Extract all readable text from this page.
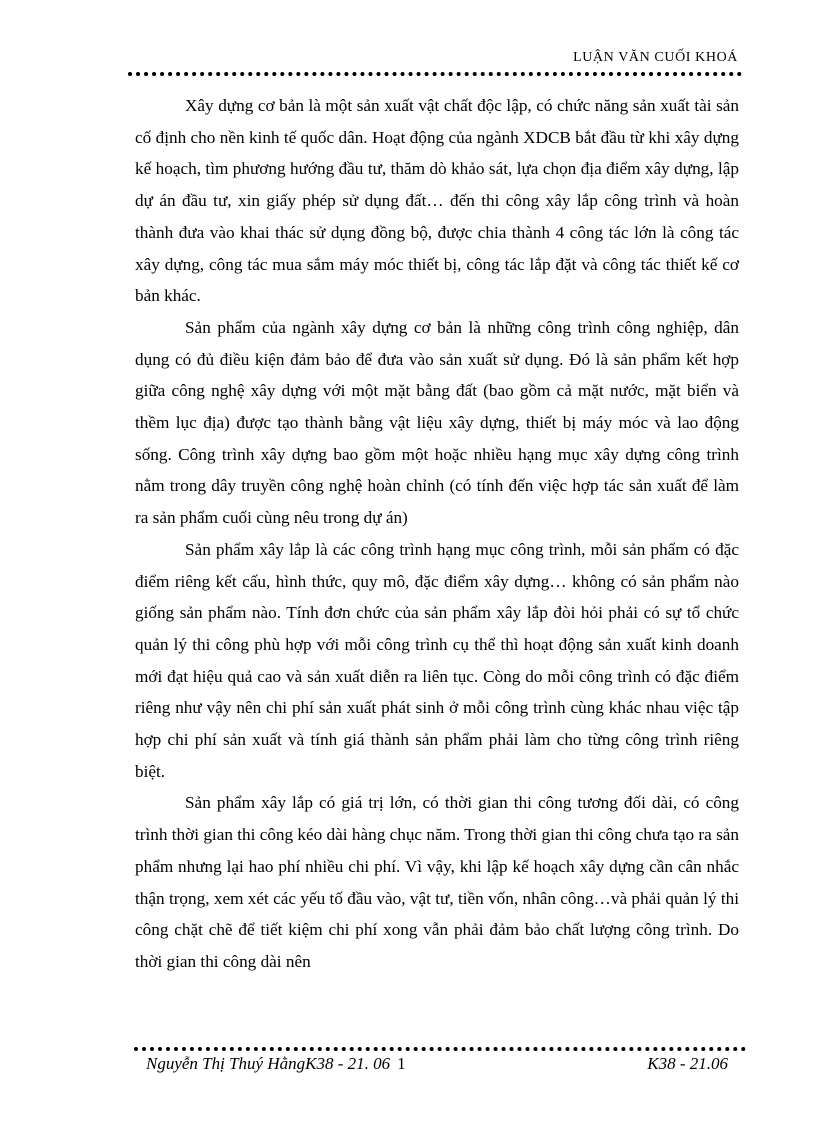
LUẬN VĂN CUỐI KHOÁ

Xây dựng cơ bản là một sản xuất vật chất độc lập, có chức năng sản xuất tài sản cố định cho nền kinh tế quốc dân. Hoạt động của ngành XDCB bắt đầu từ khi xây dựng kế hoạch, tìm phương hướng đầu tư, thăm dò khảo sát, lựa chọn địa điểm xây dựng, lập dự án đầu tư, xin giấy phép sử dụng đất… đến thi công xây lắp công trình và hoàn thành đưa vào khai thác sử dụng đồng bộ, được chia thành 4 công tác lớn là công tác xây dựng, công tác mua sắm máy móc thiết bị, công tác lắp đặt và công tác thiết kế cơ bản khác.

Sản phẩm của ngành xây dựng cơ bản là những công trình công nghiệp, dân dụng có đủ điều kiện đảm bảo để đưa vào sản xuất sử dụng. Đó là sản phẩm kết hợp giữa công nghệ xây dựng với một mặt bằng đất (bao gồm cả mặt nước, mặt biển và thềm lục địa) được tạo thành bằng vật liệu xây dựng, thiết bị máy móc và lao động sống. Công trình xây dựng bao gồm một hoặc nhiều hạng mục xây dựng công trình nằm trong dây truyền công nghệ hoàn chỉnh (có tính đến việc hợp tác sản xuất để làm ra sản phẩm cuối cùng nêu trong dự án)

Sản phẩm xây lắp là các công trình hạng mục công trình, mỗi sản phẩm có đặc điểm riêng kết cấu, hình thức, quy mô, đặc điểm xây dựng… không có sản phẩm nào giống sản phẩm nào. Tính đơn chức của sản phẩm xây lắp đòi hỏi phải có sự tổ chức quản lý thi công phù hợp với mỗi công trình cụ thể thì hoạt động sản xuất kinh doanh mới đạt hiệu quả cao và sản xuất diễn ra liên tục. Còng do mỗi công trình có đặc điểm riêng như vậy nên chi phí sản xuất phát sinh ở mỗi công trình cùng khác nhau việc tập hợp chi phí sản xuất và tính giá thành sản phẩm phải làm cho từng công trình riêng biệt.

Sản phẩm xây lắp có giá trị lớn, có thời gian thi công tương đối dài, có công trình thời gian thi công kéo dài hàng chục năm. Trong thời gian thi công chưa tạo ra sản phẩm nhưng lại hao phí nhiều chi phí. Vì vậy, khi lập kế hoạch xây dựng cần cân nhắc thận trọng, xem xét các yếu tố đầu vào, vật tư, tiền vốn, nhân công…và phải quản lý thi công chặt chẽ để tiết kiệm chi phí xong vẫn phải đảm bảo chất lượng công trình. Do thời gian thi công dài nên

Nguyễn Thị Thuý HằngK38 - 21. 06 1	K38 - 21.06
